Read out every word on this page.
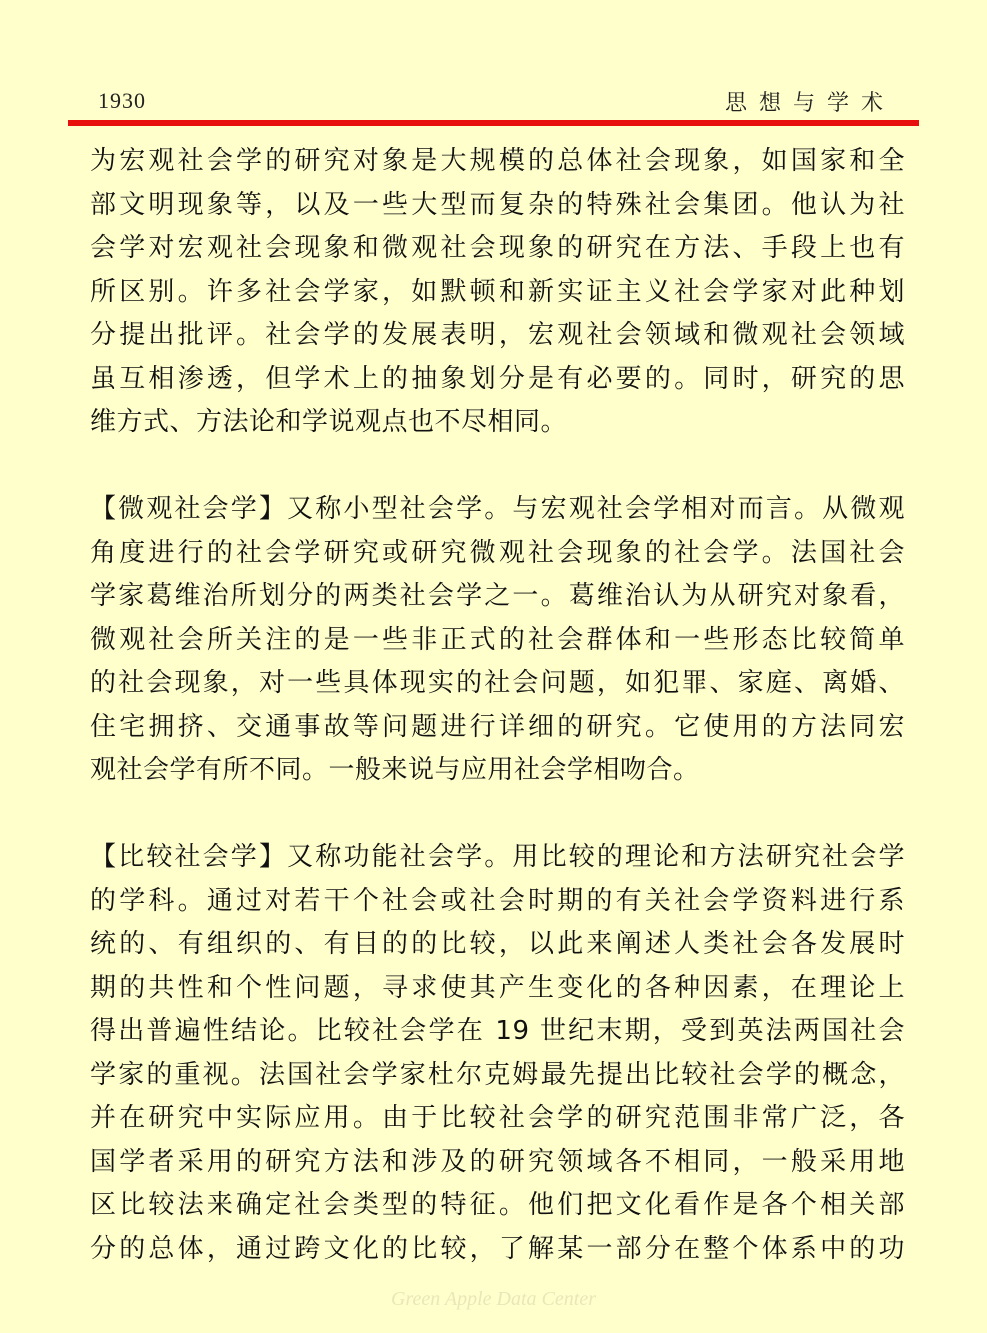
1930	思想与学术

为宏观社会学的研究对象是大规模的总体社会现象，如国家和全
部文明现象等，以及一些大型而复杂的特殊社会集团。他认为社
会学对宏观社会现象和微观社会现象的研究在方法、手段上也有
所区别。许多社会学家，如默顿和新实证主义社会学家对此种划
分提出批评。社会学的发展表明，宏观社会领域和微观社会领域
虽互相渗透，但学术上的抽象划分是有必要的。同时，研究的思
维方式、方法论和学说观点也不尽相同。

【微观社会学】又称小型社会学。与宏观社会学相对而言。从微观
角度进行的社会学研究或研究微观社会现象的社会学。法国社会
学家葛维治所划分的两类社会学之一。葛维治认为从研究对象看，
微观社会所关注的是一些非正式的社会群体和一些形态比较简单
的社会现象，对一些具体现实的社会问题，如犯罪、家庭、离婚、
住宅拥挤、交通事故等问题进行详细的研究。它使用的方法同宏
观社会学有所不同。一般来说与应用社会学相吻合。

【比较社会学】又称功能社会学。用比较的理论和方法研究社会学
的学科。通过对若干个社会或社会时期的有关社会学资料进行系
统的、有组织的、有目的的比较，以此来阐述人类社会各发展时
期的共性和个性问题，寻求使其产生变化的各种因素，在理论上
得出普遍性结论。比较社会学在 19 世纪末期，受到英法两国社会
学家的重视。法国社会学家杜尔克姆最先提出比较社会学的概念，
并在研究中实际应用。由于比较社会学的研究范围非常广泛，各
国学者采用的研究方法和涉及的研究领域各不相同，一般采用地
区比较法来确定社会类型的特征。他们把文化看作是各个相关部
分的总体，通过跨文化的比较，了解某一部分在整个体系中的功

Green Apple Data Center
